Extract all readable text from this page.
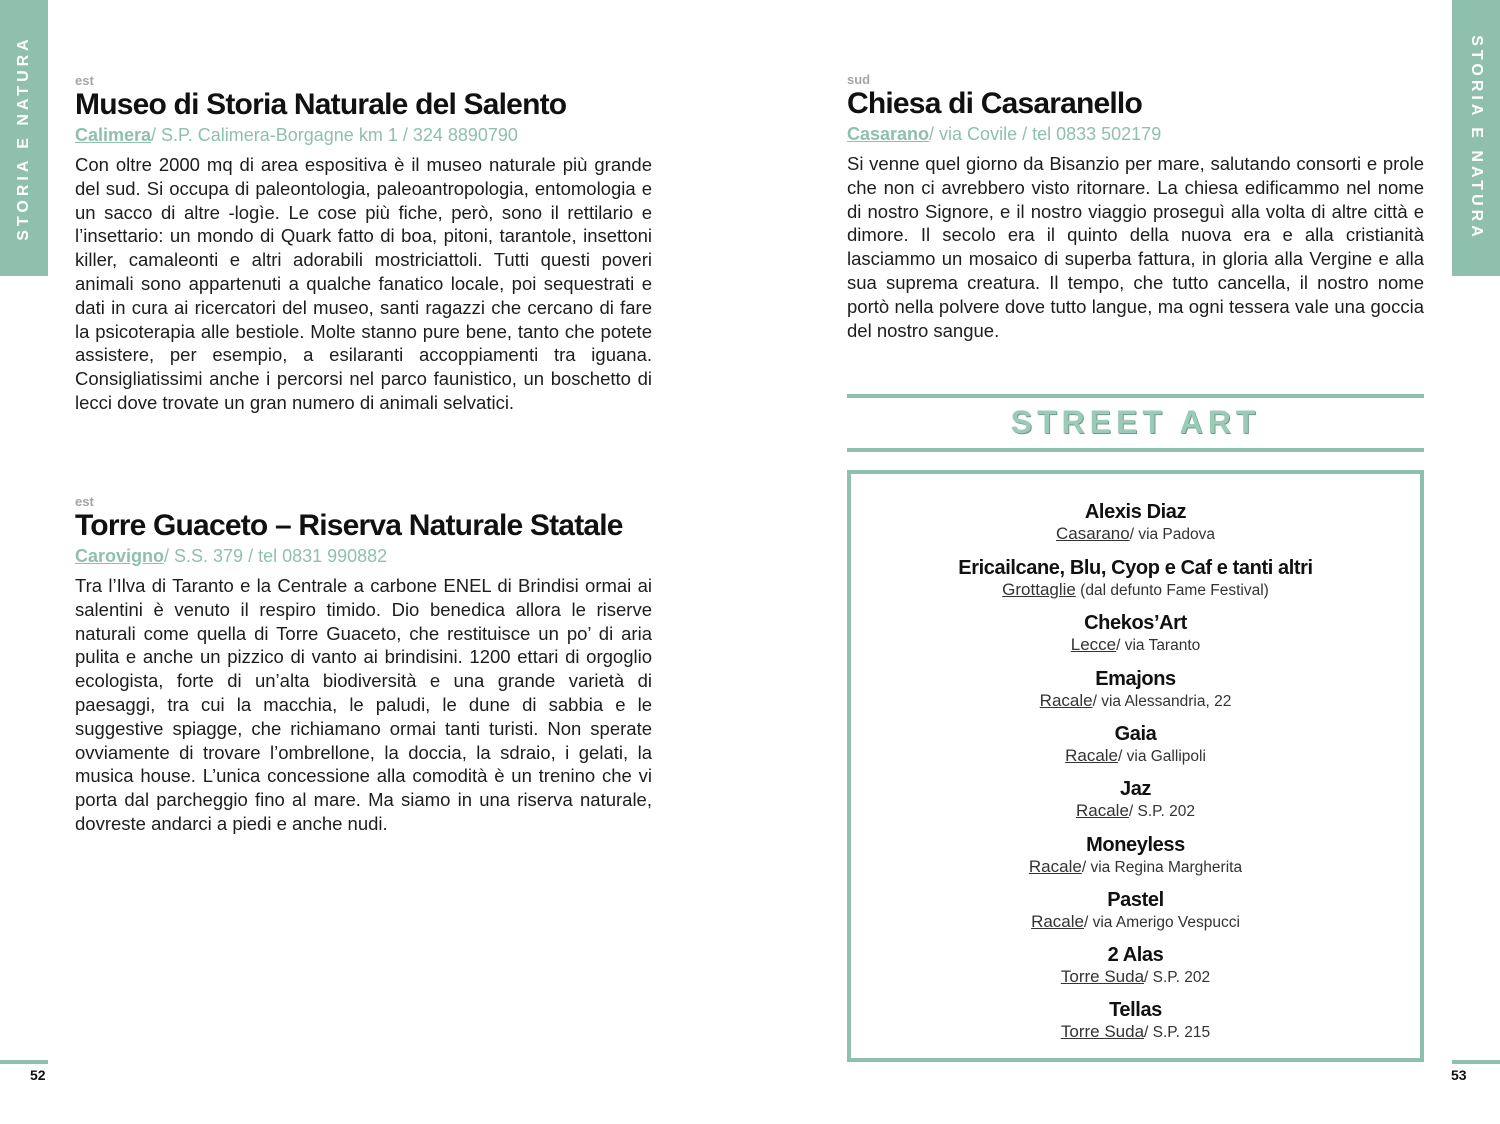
STORIA E NATURA	STORIA E NATURA
est
Museo di Storia Naturale del Salento
Calimera/ S.P. Calimera-Borgagne km 1 / 324 8890790

Con oltre 2000 mq di area espositiva è il museo naturale più grande del sud. Si occupa di paleontologia, paleoantropologia, entomologia e un sacco di altre -logìe. Le cose più fiche, però, sono il rettilario e l’insettario: un mondo di Quark fatto di boa, pitoni, tarantole, insettoni killer, camaleonti e altri adorabili mostriciattoli. Tutti questi poveri animali sono appartenuti a qualche fanatico locale, poi sequestrati e dati in cura ai ricercatori del museo, santi ragazzi che cercano di fare la psicoterapia alle bestiole. Molte stanno pure bene, tanto che potete assistere, per esempio, a esilaranti accoppiamenti tra iguana. Consigliatissimi anche i percorsi nel parco faunistico, un boschetto di lecci dove trovate un gran numero di animali selvatici.

est
Torre Guaceto – Riserva Naturale Statale
Carovigno/ S.S. 379 / tel 0831 990882

Tra l’Ilva di Taranto e la Centrale a carbone ENEL di Brindisi ormai ai salentini è venuto il respiro timido. Dio benedica allora le riserve naturali come quella di Torre Guaceto, che restituisce un po’ di aria pulita e anche un pizzico di vanto ai brindisini. 1200 ettari di orgoglio ecologista, forte di un’alta biodiversità e una grande varietà di paesaggi, tra cui la macchia, le paludi, le dune di sabbia e le suggestive spiagge, che richiamano ormai tanti turisti. Non sperate ovviamente di trovare l’ombrellone, la doccia, la sdraio, i gelati, la musica house. L’unica concessione alla comodità è un trenino che vi porta dal parcheggio fino al mare. Ma siamo in una riserva naturale, dovreste andarci a piedi e anche nudi.

sud
Chiesa di Casaranello
Casarano/ via Covile / tel 0833 502179

Si venne quel giorno da Bisanzio per mare, salutando consorti e prole che non ci avrebbero visto ritornare. La chiesa edificammo nel nome di nostro Signore, e il nostro viaggio proseguì alla volta di altre città e dimore. Il secolo era il quinto della nuova era e alla cristianità lasciammo un mosaico di superba fattura, in gloria alla Vergine e alla sua suprema creatura. Il tempo, che tutto cancella, il nostro nome portò nella polvere dove tutto langue, ma ogni tessera vale una goccia del nostro sangue.

STREET ART
Alexis Diaz
Casarano/ via Padova
Ericailcane, Blu, Cyop e Caf e tanti altri
Grottaglie (dal defunto Fame Festival)
Chekos’Art
Lecce/ via Taranto
Emajons
Racale/ via Alessandria, 22
Gaia
Racale/ via Gallipoli
Jaz
Racale/ S.P. 202
Moneyless
Racale/ via Regina Margherita
Pastel
Racale/ via Amerigo Vespucci
2 Alas
Torre Suda/ S.P. 202
Tellas
Torre Suda/ S.P. 215
52	53
